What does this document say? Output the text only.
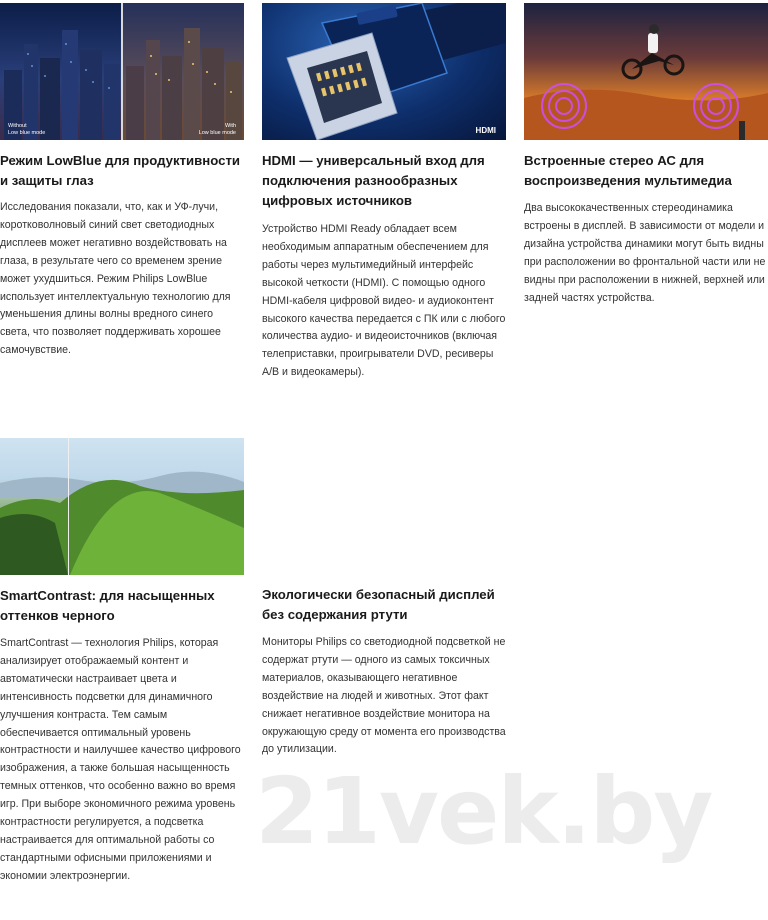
21vek.by
Without
Low blue mode
With
Low blue mode

Режим LowBlue для продуктивности и защиты глаз

Исследования показали, что, как и УФ-лучи, коротковолновый синий свет светодиодных дисплеев может негативно воздействовать на глаза, в результате чего со временем зрение может ухудшиться. Режим Philips LowBlue использует интеллектуальную технологию для уменьшения длины волны вредного синего света, что позволяет поддерживать хорошее самочувствие.

HDMI

HDMI — универсальный вход для подключения разнообразных цифровых источников

Устройство HDMI Ready обладает всем необходимым аппаратным обеспечением для работы через мультимедийный интерфейс высокой четкости (HDMI). С помощью одного HDMI-кабеля цифровой видео- и аудиоконтент высокого качества передается с ПК или с любого количества аудио- и видеоисточников (включая телеприставки, проигрыватели DVD, ресиверы A/B и видеокамеры).

Встроенные стерео АС для воспроизведения мультимедиа

Два высококачественных стереодинамика встроены в дисплей. В зависимости от модели и дизайна устройства динамики могут быть видны при расположении во фронтальной части или не видны при расположении в нижней, верхней или задней частях устройства.

SmartContrast: для насыщенных оттенков черного

SmartContrast — технология Philips, которая анализирует отображаемый контент и автоматически настраивает цвета и интенсивность подсветки для динамичного улучшения контраста. Тем самым обеспечивается оптимальный уровень контрастности и наилучшее качество цифрового изображения, а также большая насыщенность темных оттенков, что особенно важно во время игр. При выборе экономичного режима уровень контрастности регулируется, а подсветка настраивается для оптимальной работы со стандартными офисными приложениями и экономии электроэнергии.

Экологически безопасный дисплей без содержания ртути

Мониторы Philips со светодиодной подсветкой не содержат ртути — одного из самых токсичных материалов, оказывающего негативное воздействие на людей и животных. Этот факт снижает негативное воздействие монитора на окружающую среду от момента его производства до утилизации.
